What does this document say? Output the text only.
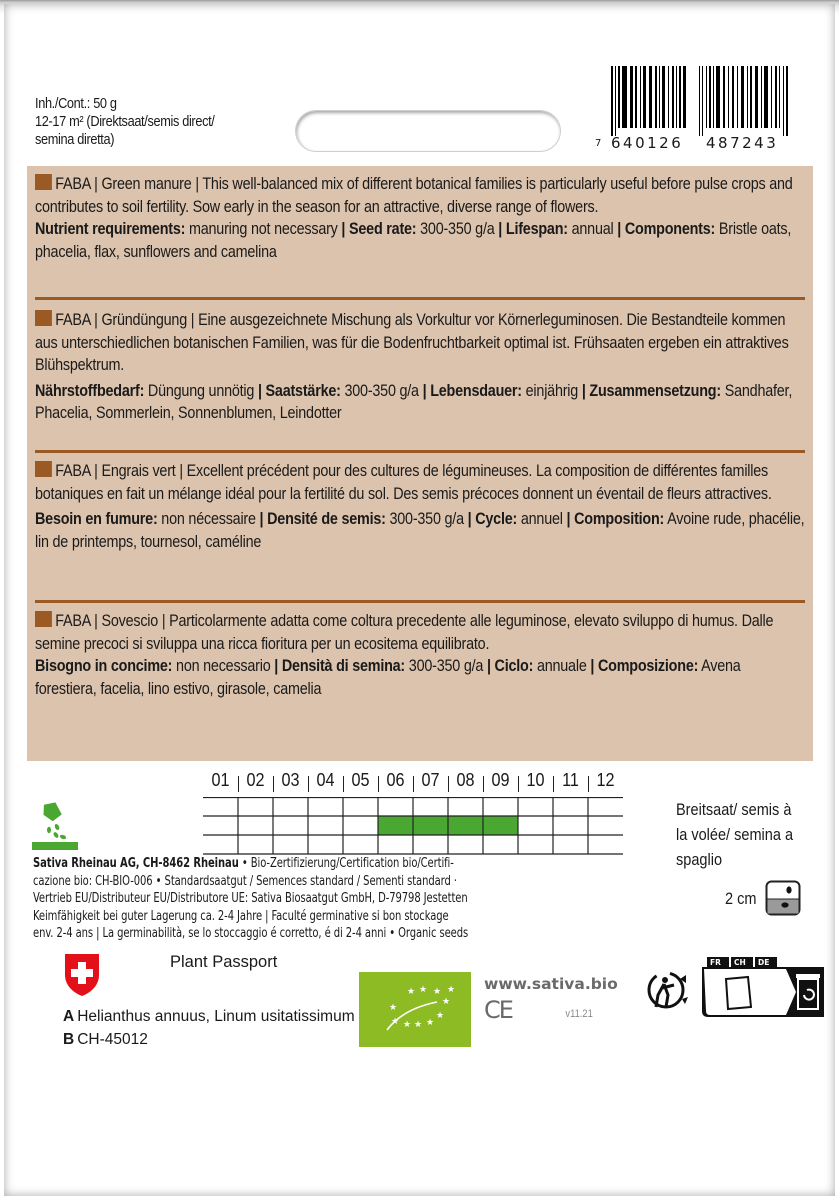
Inh./Cont.: 50 g
12-17 m² (Direktsaat/semis direct/
semina diretta)	7 640126 487243

FABA | Green manure | This well-balanced mix of different botanical families is particularly useful before pulse crops and contributes to soil fertility. Sow early in the season for an attractive, diverse range of flowers.

Nutrient requirements: manuring not necessary | Seed rate: 300-350 g/a | Lifespan: annual | Components: Bristle oats, phacelia, flax, sunflowers and camelina

FABA | Gründüngung | Eine ausgezeichnete Mischung als Vorkultur vor Körnerleguminosen. Die Bestandteile kommen aus unterschiedlichen botanischen Familien, was für die Bodenfruchtbarkeit optimal ist. Frühsaaten ergeben ein attraktives Blühspektrum.

Nährstoffbedarf: Düngung unnötig | Saatstärke: 300-350 g/a | Lebensdauer: einjährig | Zusammensetzung: Sandhafer, Phacelia, Sommerlein, Sonnenblumen, Leindotter

FABA | Engrais vert | Excellent précédent pour des cultures de légumineuses. La composition de différentes familles botaniques en fait un mélange idéal pour la fertilité du sol. Des semis précoces donnent un éventail de fleurs attractives.

Besoin en fumure: non nécessaire | Densité de semis: 300-350 g/a | Cycle: annuel | Composition: Avoine rude, phacélie, lin de printemps, tournesol, caméline

FABA | Sovescio | Particolarmente adatta come coltura precedente alle leguminose, elevato sviluppo di humus. Dalle semine precoci si sviluppa una ricca fioritura per un ecositema equilibrato.

Bisogno in concime: non necessario | Densità di semina: 300-350 g/a | Ciclo: annuale | Composizione: Avena forestiera, facelia, lino estivo, girasole, camelia

01 02 03 04 05 06 07 08 09 10 11 12
Breitsaat/ semis à
la volée/ semina a
spaglio
2 cm

Sativa Rheinau AG, CH-8462 Rheinau • Bio-Zertifizierung/Certification bio/Certifi-

cazione bio: CH-BIO-006 • Standardsaatgut / Semences standard / Sementi standard ·

Vertrieb EU/Distributeur EU/Distributore UE: Sativa Biosaatgut GmbH, D-79798 Jestetten

Keimfähigkeit bei guter Lagerung ca. 2-4 Jahre | Faculté germinative si bon stockage

env. 2-4 ans | La germinabilità, se lo stoccaggio é corretto, é di 2-4 anni • Organic seeds

Plant Passport
A Helianthus annuus, Linum usitatissimum
B CH-45012
★ ★ ★ ★
★
★
★
★
★
★
★
www.sativa.bio
CE	v11.21
FR CH DE
